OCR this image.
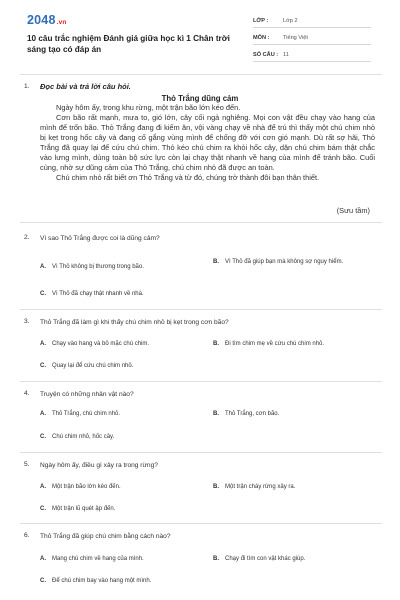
2048.vn
10 câu trắc nghiệm Đánh giá giữa học kì 1 Chân trời sáng tạo có đáp án
LỚP :	Lớp 2
MÔN :	Tiếng Việt
SỐ CÂU : 11
1. Đọc bài và trả lời câu hỏi.
Thỏ Trắng dũng cảm

Ngày hôm ấy, trong khu rừng, một trận bão lớn kéo đến.

Cơn bão rất mạnh, mưa to, gió lớn, cây cối ngả nghiêng. Mọi con vật đều chạy vào hang của mình để trốn bão. Thỏ Trắng đang đi kiếm ăn, vội vàng chạy về nhà để trú thì thấy một chú chim nhỏ bị kẹt trong hốc cây và đang cố gắng vùng mình để chống đỡ với cơn gió mạnh. Dù rất sợ hãi, Thỏ Trắng đã quay lại để cứu chú chim. Thỏ kéo chú chim ra khỏi hốc cây, dặn chú chim bám thật chắc vào lưng mình, dùng toàn bộ sức lực còn lại chạy thật nhanh về hang của mình để tránh bão. Cuối cùng, nhờ sự dũng cảm của Thỏ Trắng, chú chim nhỏ đã được an toàn.

Chú chim nhỏ rất biết ơn Thỏ Trắng và từ đó, chúng trở thành đôi bạn thân thiết.

(Sưu tầm)
2. Vì sao Thỏ Trắng được coi là dũng cảm?
A.	Vì Thỏ không bị thương trong bão.
B.	Vì Thỏ đã giúp bạn mà không sợ nguy hiểm.
C.	Vì Thỏ đã chạy thật nhanh về nhà.
3. Thỏ Trắng đã làm gì khi thấy chú chim nhỏ bị kẹt trong cơn bão?
A.	Chạy vào hang và bỏ mặc chú chim.	B.	Đi tìm chim mẹ về cứu chú chim nhỏ.
C.	Quay lại để cứu chú chim nhỏ.
4. Truyện có những nhân vật nào?
A.	Thỏ Trắng, chú chim nhỏ.	B.	Thỏ Trắng, cơn bão.
C.	Chú chim nhỏ, hốc cây.
5. Ngày hôm ấy, điều gì xảy ra trong rừng?
A.	Một trận bão lớn kéo đến.	B.	Một trận cháy rừng xảy ra.
C.	Một trận lũ quét ập đến.
6. Thỏ Trắng đã giúp chú chim bằng cách nào?
A.	Mang chú chim về hang của mình.	B.	Chạy đi tìm con vật khác giúp.
C.	Để chú chim bay vào hang một mình.
